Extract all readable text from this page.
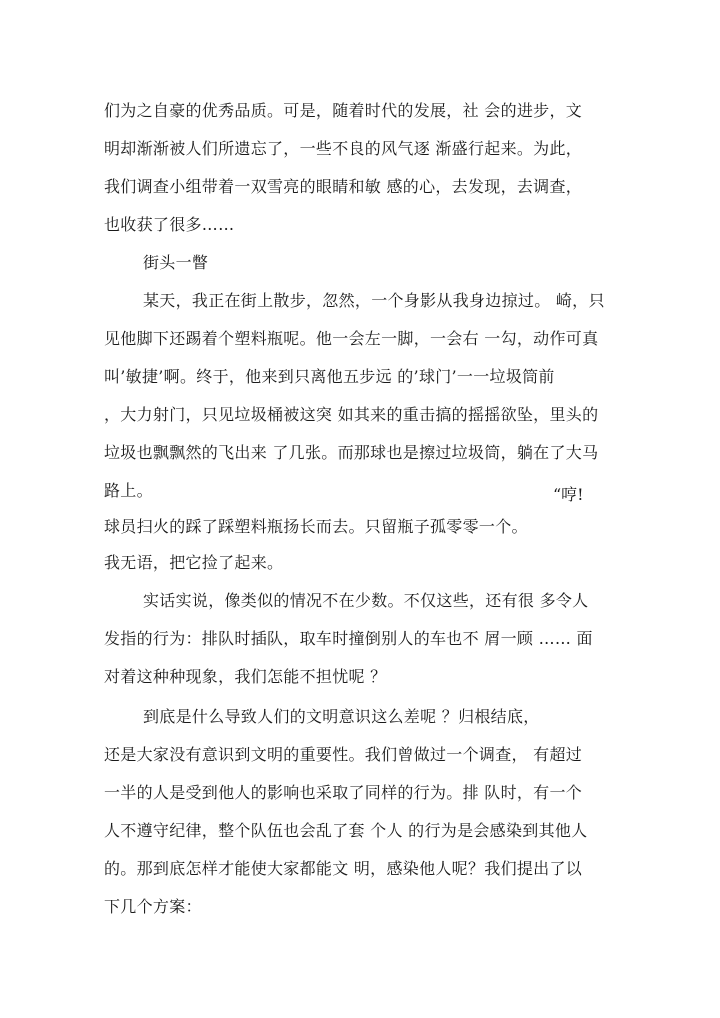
们为之自豪的优秀品质。可是，随着时代的发展，社 会的进步，文
明却渐渐被人们所遗忘了，一些不良的风气逐 渐盛行起来。为此，
我们调查小组带着一双雪亮的眼睛和敏 感的心，去发现，去调查，
也收获了很多……
街头一瞥
某天，我正在街上散步，忽然，一个身影从我身边掠过。 崎，只
见他脚下还踢着个塑料瓶呢。他一会左一脚，一会右 一勾，动作可真
叫’敏捷’啊。终于，他来到只离他五步远 的’球门’一一垃圾筒前
，大力射门，只见垃圾桶被这突 如其来的重击搞的摇摇欲坠，里头的
垃圾也飘飘然的飞出来 了几张。而那球也是擦过垃圾筒，躺在了大马
路上。	“哼!
球员扫火的踩了踩塑料瓶扬长而去。只留瓶子孤零零一个。
我无语，把它捡了起来。
实话实说，像类似的情况不在少数。不仅这些，还有很 多令人
发指的行为：排队时插队，取车时撞倒别人的车也不 屑一顾 …… 面
对着这种种现象，我们怎能不担忧呢 ？
到底是什么导致人们的文明意识这么差呢 ？归根结底，
还是大家没有意识到文明的重要性。我们曾做过一个调查， 有超过
一半的人是受到他人的影响也采取了同样的行为。排 队时，有一个
人不遵守纪律，整个队伍也会乱了套 个人 的行为是会感染到其他人
的。那到底怎样才能使大家都能文 明，感染他人呢？我们提出了以
下几个方案：
